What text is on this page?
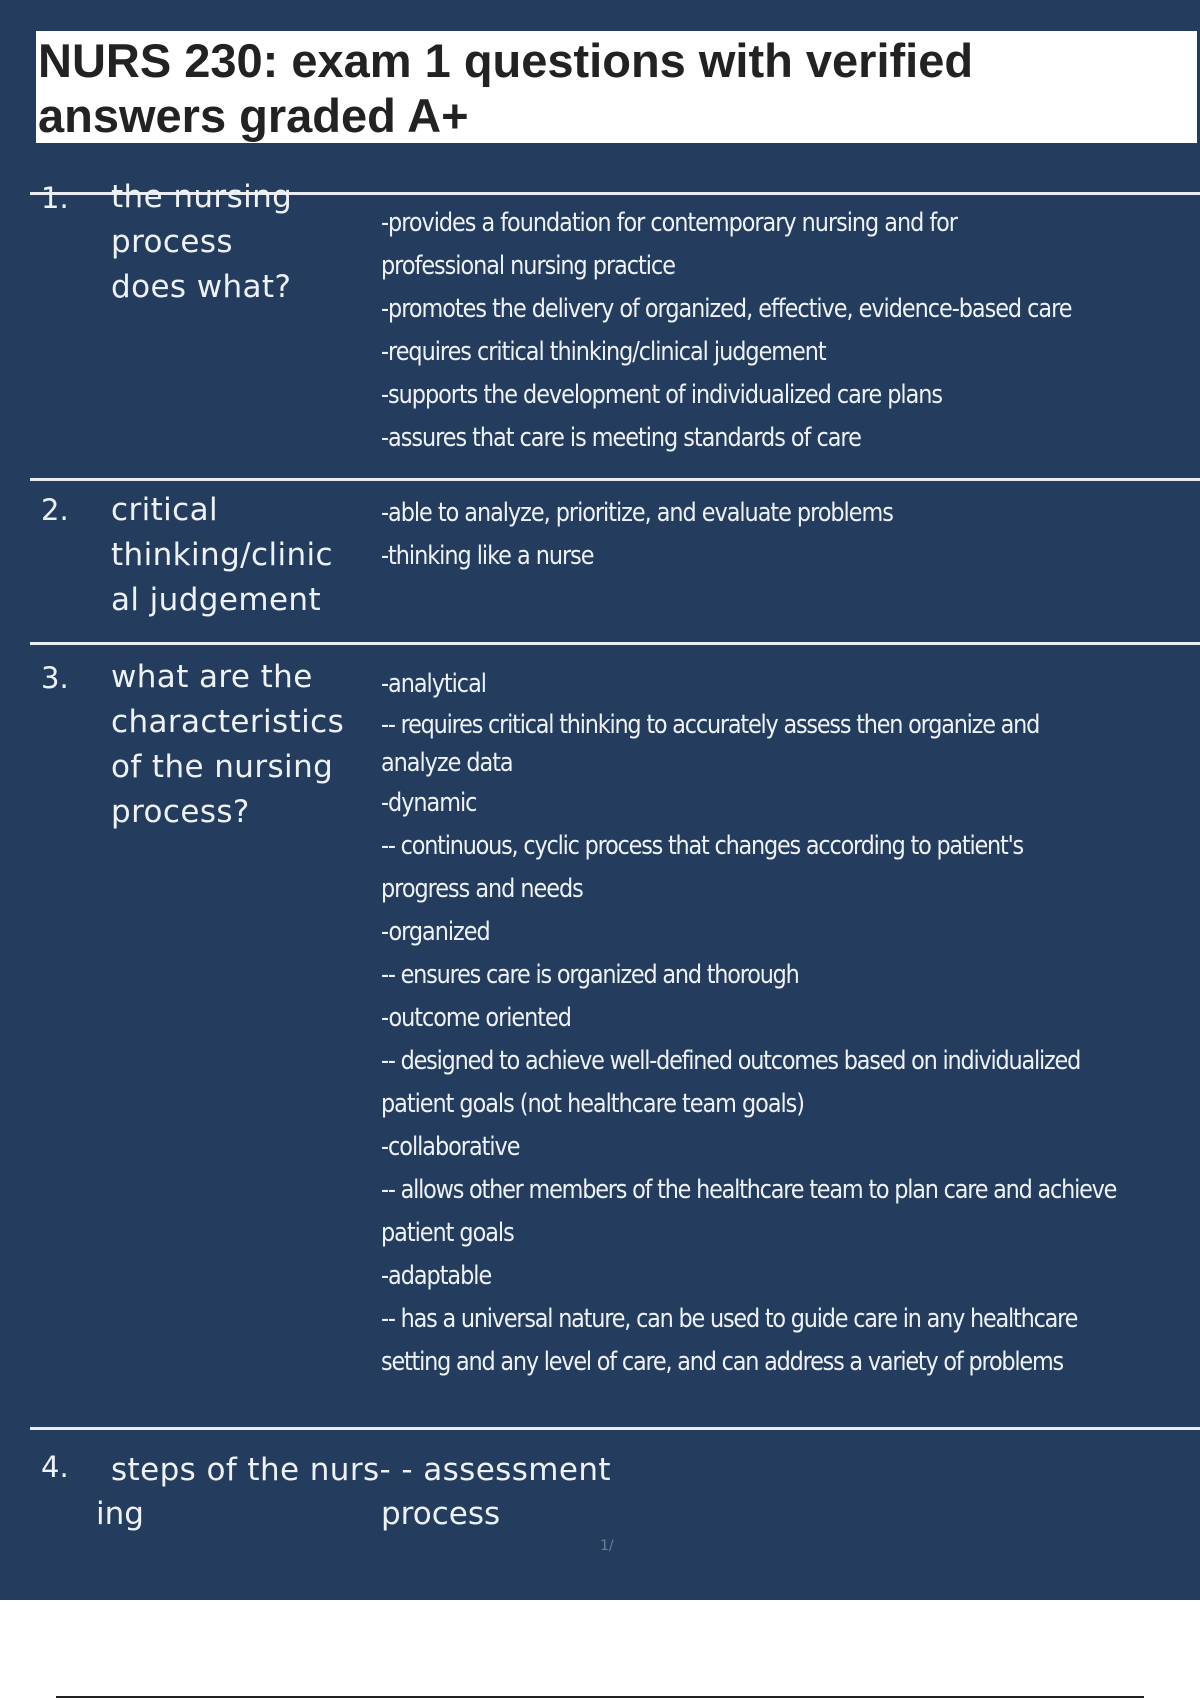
NURS 230: exam 1 questions with verified
answers graded A+

1. the nursing
process
does what?
-provides a foundation for contemporary nursing and for
professional nursing practice
-promotes the delivery of organized, effective, evidence-based care
-requires critical thinking/clinical judgement
-supports the development of individualized care plans
-assures that care is meeting standards of care
2. critical
thinking/clinic
al judgement
-able to analyze, prioritize, and evaluate problems
-thinking like a nurse
3. what are the
characteristics
of the nursing
process?
-analytical
-- requires critical thinking to accurately assess then organize and
analyze data
-dynamic
-- continuous, cyclic process that changes according to patient's
progress and needs
-organized
-- ensures care is organized and thorough
-outcome oriented
-- designed to achieve well-defined outcomes based on individualized
patient goals (not healthcare team goals)
-collaborative
-- allows other members of the healthcare team to plan care and achieve
patient goals
-adaptable
-- has a universal nature, can be used to guide care in any healthcare
setting and any level of care, and can address a variety of problems
4. steps of the nurs- - assessment
ing	process
1/
